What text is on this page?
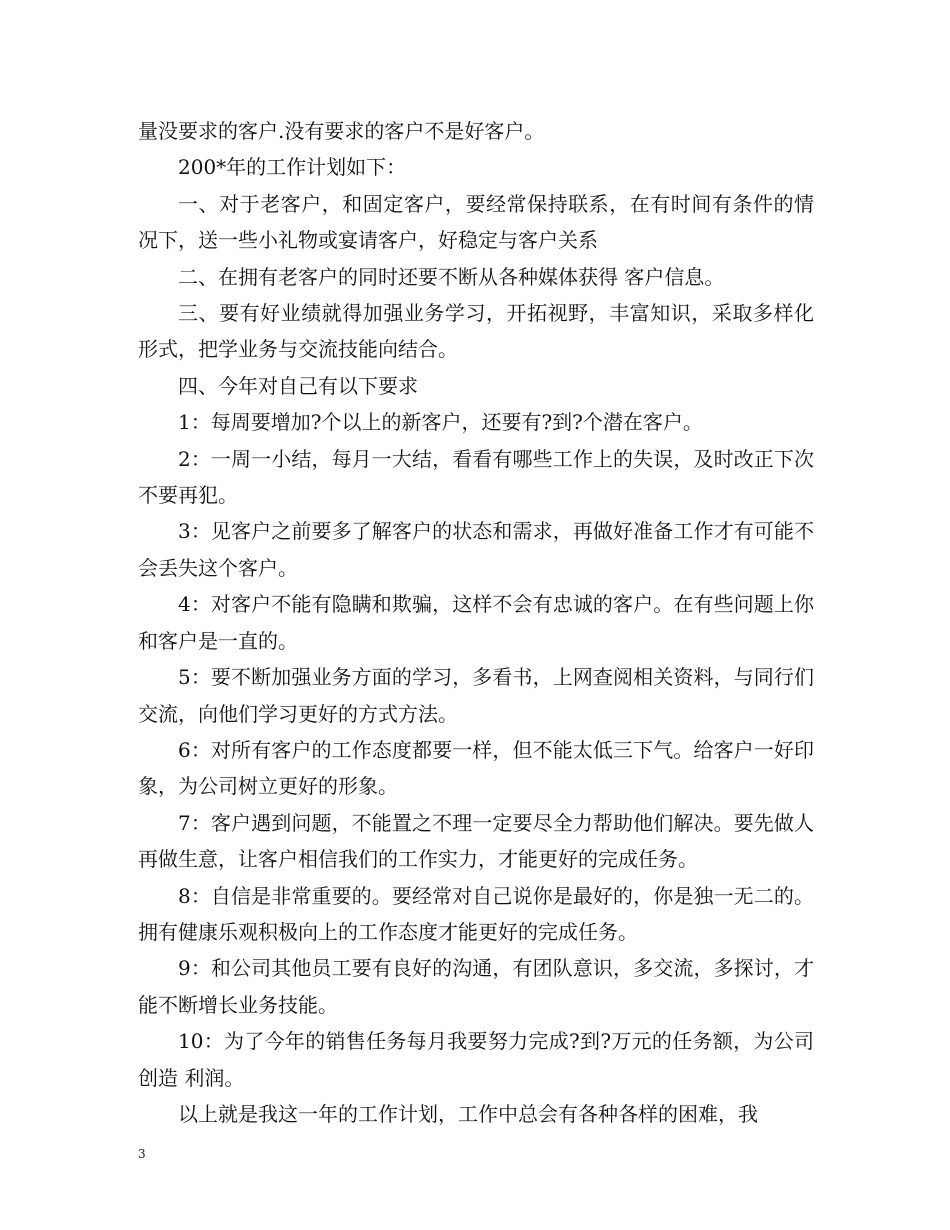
量没要求的客户.没有要求的客户不是好客户。

200*年的工作计划如下：

一、对于老客户，和固定客户，要经常保持联系，在有时间有条件的情况下，送一些小礼物或宴请客户，好稳定与客户关系

二、在拥有老客户的同时还要不断从各种媒体获得 客户信息。

三、要有好业绩就得加强业务学习，开拓视野，丰富知识，采取多样化形式，把学业务与交流技能向结合。

四、今年对自己有以下要求

1：每周要增加?个以上的新客户，还要有?到?个潜在客户。

2：一周一小结，每月一大结，看看有哪些工作上的失误，及时改正下次不要再犯。

3：见客户之前要多了解客户的状态和需求，再做好准备工作才有可能不会丢失这个客户。

4：对客户不能有隐瞒和欺骗，这样不会有忠诚的客户。在有些问题上你和客户是一直的。

5：要不断加强业务方面的学习，多看书，上网查阅相关资料，与同行们交流，向他们学习更好的方式方法。

6：对所有客户的工作态度都要一样，但不能太低三下气。给客户一好印象，为公司树立更好的形象。

7：客户遇到问题，不能置之不理一定要尽全力帮助他们解决。要先做人再做生意，让客户相信我们的工作实力，才能更好的完成任务。

8：自信是非常重要的。要经常对自己说你是最好的，你是独一无二的。拥有健康乐观积极向上的工作态度才能更好的完成任务。

9：和公司其他员工要有良好的沟通，有团队意识，多交流，多探讨，才能不断增长业务技能。

10：为了今年的销售任务每月我要努力完成?到?万元的任务额，为公司创造 利润。

以上就是我这一年的工作计划，工作中总会有各种各样的困难，我

3
